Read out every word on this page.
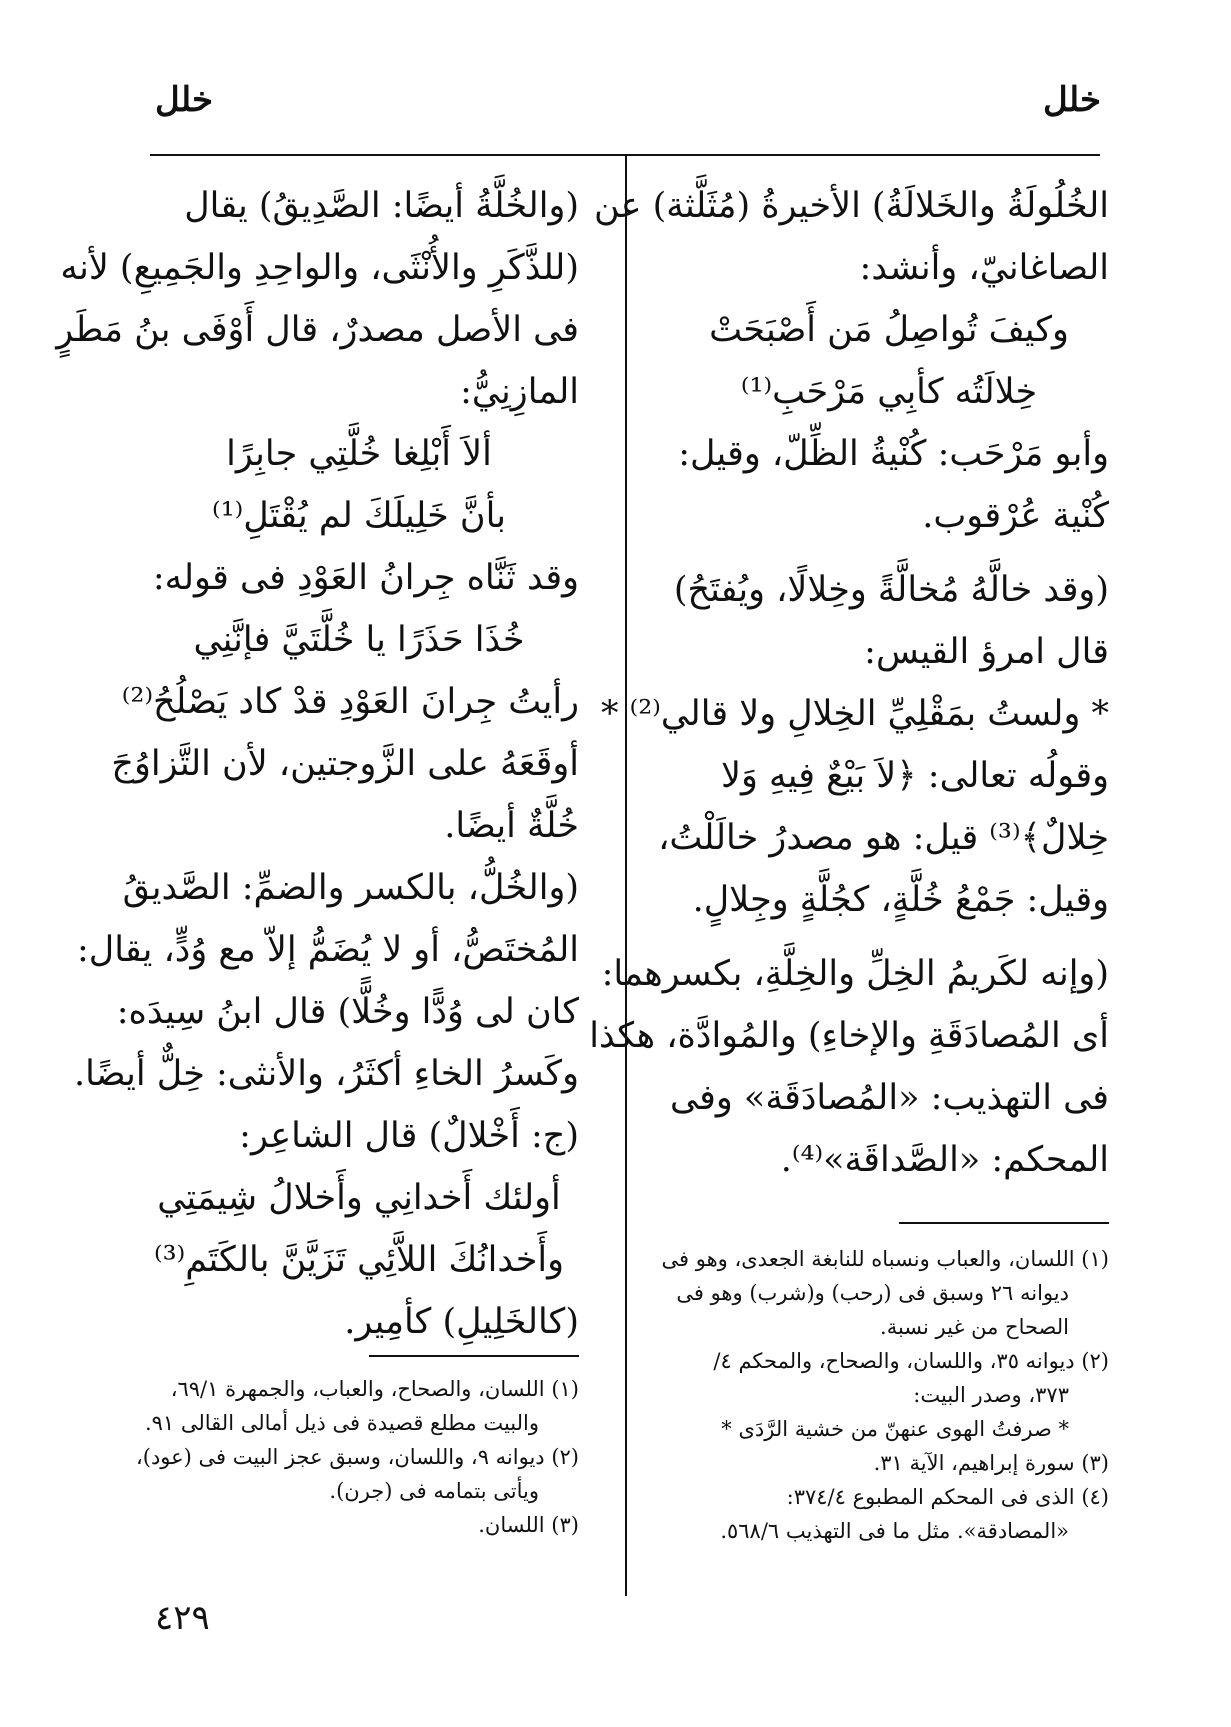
خلل
خلل
الخُلُولَةُ والخَلالَةُ) الأخيرةُ (مُثَلَّثة) عن
الصاغانيّ، وأنشد:
وكيفَ تُواصِلُ مَن أَصْبَحَتْ
خِلالَتُه كأبِي مَرْحَبِ⁽¹⁾
وأبو مَرْحَب: كُنْيةُ الظِّلّ، وقيل:
كُنْية عُرْقوب.
(وقد خالَّهُ مُخالَّةً وخِلالًا، ويُفتَحُ)
قال امرؤ القيس:
* ولستُ بمَقْلِيِّ الخِلالِ ولا قالي⁽²⁾ *
وقولُه تعالى: ﴿لاَ بَيْعٌ فِيهِ وَلا
خِلالٌ﴾⁽³⁾ قيل: هو مصدرُ خالَلْتُ،
وقيل: جَمْعُ خُلَّةٍ، كجُلَّةٍ وجِلالٍ.
(وإنه لكَريمُ الخِلِّ والخِلَّةِ، بكسرهما:
أى المُصادَقَةِ والإخاءِ) والمُوادَّة، هكذا
فى التهذيب: «المُصادَقَة» وفى
المحكم: «الصَّداقَة»⁽⁴⁾.
(والخُلَّةُ أيضًا: الصَّدِيقُ) يقال
(للذَّكَرِ والأُنْثَى، والواحِدِ والجَمِيعِ) لأنه
فى الأصل مصدرٌ، قال أَوْفَى بنُ مَطَرٍ
المازِنِيُّ:
ألاَ أَبْلِغا خُلَّتِي جابِرًا
بأنَّ خَلِيلَكَ لم يُقْتَلِ⁽¹⁾
وقد ثَنَّاه جِرانُ العَوْدِ فى قوله:
خُذَا حَذَرًا يا خُلَّتَيَّ فإنَّنِي
رأيتُ جِرانَ العَوْدِ قدْ كاد يَصْلُحُ⁽²⁾
أوقَعَهُ على الزَّوجتين، لأن التَّزاوُجَ
خُلَّةٌ أيضًا.
(والخُلُّ، بالكسر والضمِّ: الصَّديقُ
المُختَصُّ، أو لا يُضَمُّ إلاّ مع وُدٍّ، يقال:
كان لى وُدًّا وخُلًّا) قال ابنُ سِيدَه:
وكَسرُ الخاءِ أكثَرُ، والأنثى: خِلٌّ أيضًا.
(ج: أَخْلالٌ) قال الشاعِر:
أولئك أَخدانِي وأَخلالُ شِيمَتِي
وأَخدانُكَ اللاَّئِي تَزَيَّنَّ بالكَتَمِ⁽³⁾
(كالخَلِيلِ) كأمِير.
(١) اللسان، والعباب ونسباه للنابغة الجعدى، وهو فى
ديوانه ٢٦ وسبق فى (رحب) و(شرب) وهو فى
الصحاح من غير نسبة.
(٢) ديوانه ٣٥، واللسان، والصحاح، والمحكم ٤/
٣٧٣، وصدر البيت:
* صرفتُ الهوى عنهنّ من خشية الرَّدَى *
(٣) سورة إبراهيم، الآية ٣١.
(٤) الذى فى المحكم المطبوع ٣٧٤/٤:
«المصادقة». مثل ما فى التهذيب ٥٦٨/٦.
(١) اللسان، والصحاح، والعباب، والجمهرة ٦٩/١،
والبيت مطلع قصيدة فى ذيل أمالى القالى ٩١.
(٢) ديوانه ٩، واللسان، وسبق عجز البيت فى (عود)،
ويأتى بتمامه فى (جرن).
(٣) اللسان.
٤٢٩
